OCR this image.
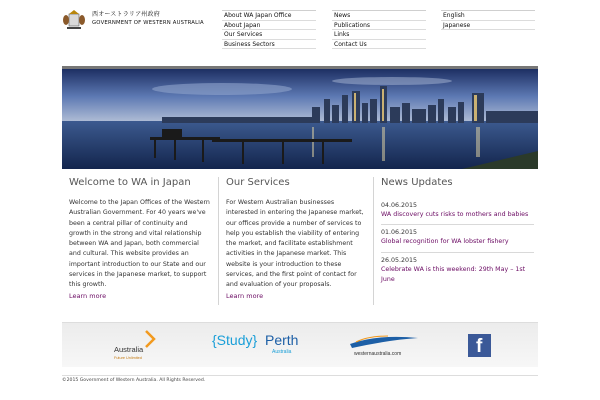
西オーストラリア州政府
GOVERNMENT OF WESTERN AUSTRALIA
About WA Japan Office
About Japan
Our Services
Business Sectors
News
Publications
Links
Contact Us
English
Japanese
Welcome to WA in Japan

Welcome to the Japan Offices of the Western Australian Government. For 40 years we've been a central pillar of continuity and growth in the strong and vital relationship between WA and Japan, both commercial and cultural. This website provides an important introduction to our State and our services in the Japanese market, to support this growth.

Learn more
Our Services

For Western Australian businesses interested in entering the Japanese market, our offices provide a number of services to help you establish the viability of entering the market, and facilitate establishment activities in the Japanese market. This website is your introduction to these services, and the first point of contact for and evaluation of your proposals.

Learn more
News Updates
04.06.2015
WA discovery cuts risks to mothers and babies
01.06.2015
Global recognition for WA lobster fishery
26.05.2015
Celebrate WA is this weekend: 29th May – 1st June
Australia
Future Unlimited
{Study} Perth
Australia	westernaustralia.com	f
©2015 Government of Western Australia. All Rights Reserved.
